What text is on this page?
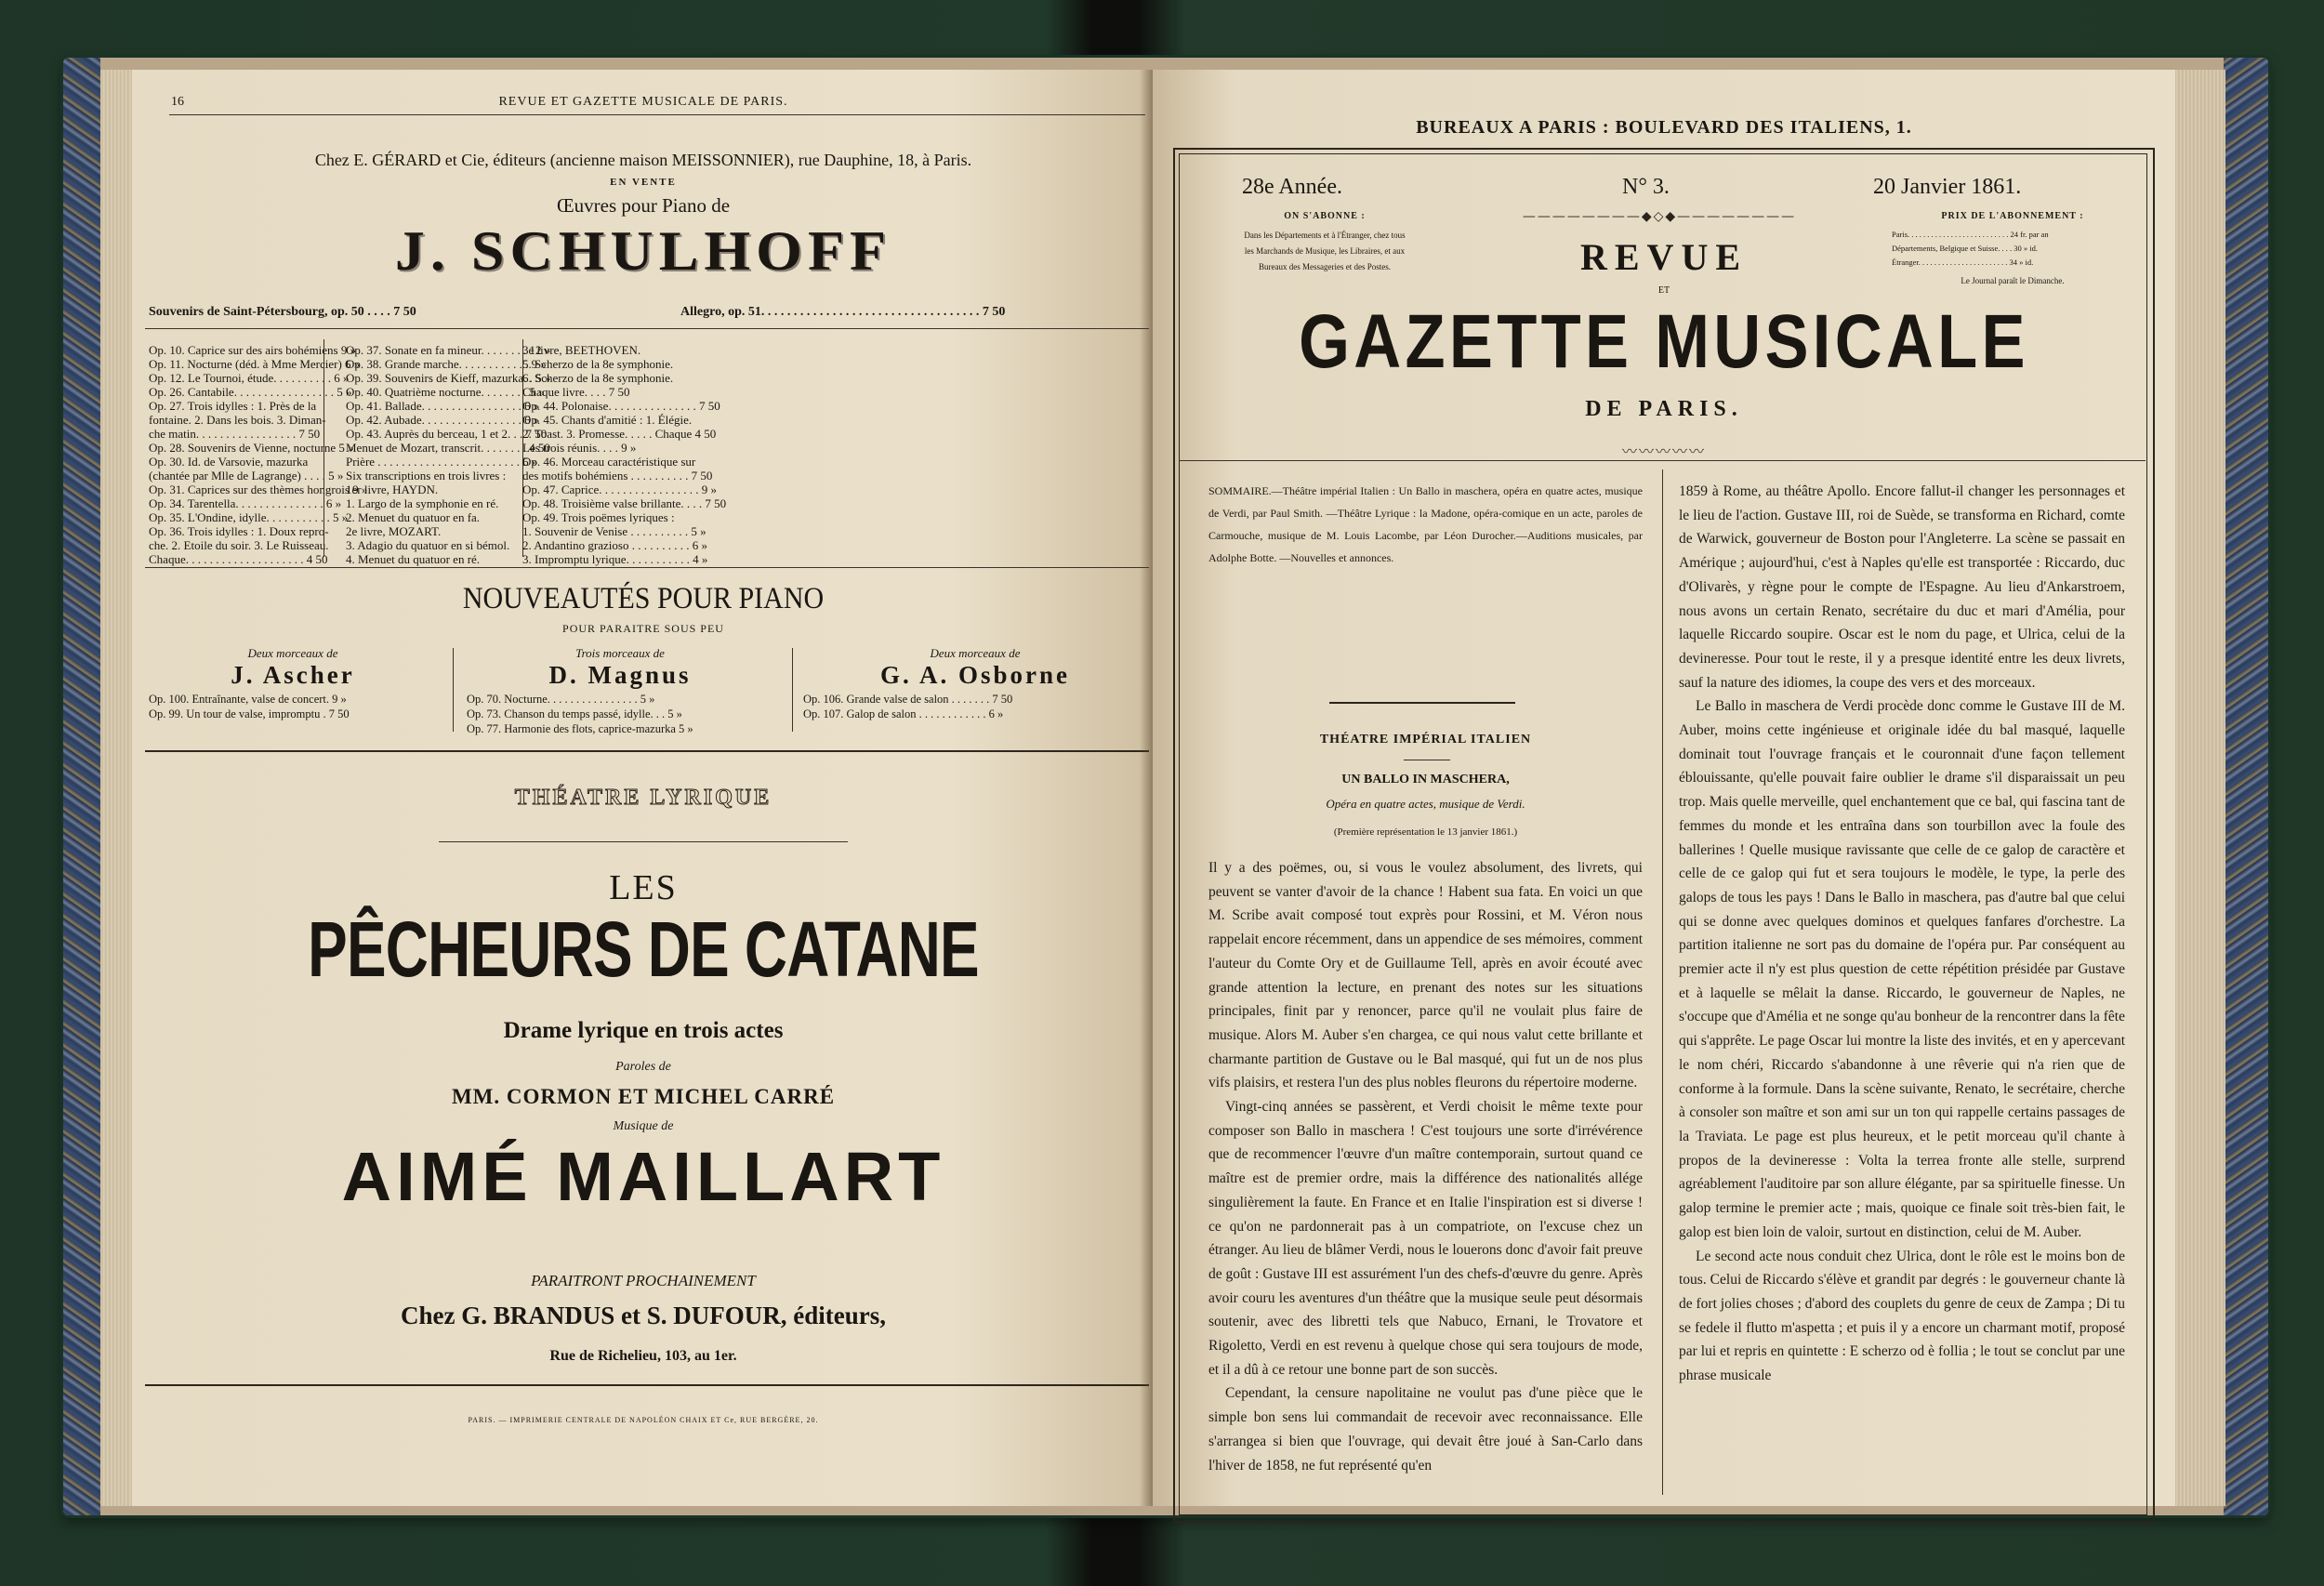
16	REVUE ET GAZETTE MUSICALE DE PARIS.
Chez E. GÉRARD et Cie, éditeurs (ancienne maison MEISSONNIER), rue Dauphine, 18, à Paris.
EN VENTE
Œuvres pour Piano de
J. SCHULHOFF
Souvenirs de Saint-Pétersbourg, op. 50 . . . . 7 50	Allegro, op. 51. . . . . . . . . . . . . . . . . . . . . . . . . . . . . . . . . . 7 50
Op. 10. Caprice sur des airs bohémiens 9 »
Op. 11. Nocturne (déd. à Mme Mercier) 6 »
Op. 12. Le Tournoi, étude. . . . . . . . . . 6 »
Op. 26. Cantabile. . . . . . . . . . . . . . . . . 5 »
Op. 27. Trois idylles : 1. Près de la
fontaine. 2. Dans les bois. 3. Diman-
che matin. . . . . . . . . . . . . . . . . 7 50
Op. 28. Souvenirs de Vienne, nocturne 5 »
Op. 30. Id. de Varsovie, mazurka
(chantée par Mlle de Lagrange) . . . . 5 »
Op. 31. Caprices sur des thèmes hongrois 9 »
Op. 34. Tarentella. . . . . . . . . . . . . . . 6 »
Op. 35. L'Ondine, idylle. . . . . . . . . . . 5 »
Op. 36. Trois idylles : 1. Doux repro-
che. 2. Etoile du soir. 3. Le Ruisseau.
Chaque. . . . . . . . . . . . . . . . . . . . 4 50
Op. 37. Sonate en fa mineur. . . . . . . . 12 »
Op. 38. Grande marche. . . . . . . . . . . . 9 »
Op. 39. Souvenirs de Kieff, mazurka. . 5 »
Op. 40. Quatrième nocturne. . . . . . . . 5 »
Op. 41. Ballade. . . . . . . . . . . . . . . . . 6 »
Op. 42. Aubade. . . . . . . . . . . . . . . . . 6 »
Op. 43. Auprès du berceau, 1 et 2. . . 7 50
Menuet de Mozart, transcrit. . . . . . . . 4 50
Prière . . . . . . . . . . . . . . . . . . . . . . . . 5 »
Six transcriptions en trois livres :
1er livre, HAYDN.
1. Largo de la symphonie en ré.
2. Menuet du quatuor en fa.
2e livre, MOZART.
3. Adagio du quatuor en si bémol.
4. Menuet du quatuor en ré.
3e livre, BEETHOVEN.
5. Scherzo de la 8e symphonie.
6. Scherzo de la 8e symphonie.
Chaque livre. . . . 7 50
Op. 44. Polonaise. . . . . . . . . . . . . . . 7 50
Op. 45. Chants d'amitié : 1. Élégie.
2. Toast. 3. Promesse. . . . . Chaque 4 50
Les trois réunis. . . . 9 »
Op. 46. Morceau caractéristique sur
des motifs bohémiens . . . . . . . . . . 7 50
Op. 47. Caprice. . . . . . . . . . . . . . . . . 9 »
Op. 48. Troisième valse brillante. . . . 7 50
Op. 49. Trois poëmes lyriques :
1. Souvenir de Venise . . . . . . . . . . 5 »
2. Andantino grazioso . . . . . . . . . . 6 »
3. Impromptu lyrique. . . . . . . . . . . 4 »
NOUVEAUTÉS POUR PIANO
POUR PARAITRE SOUS PEU
Deux morceaux de
J. Ascher
Op. 100. Entraînante, valse de concert. 9 »
Op. 99. Un tour de valse, impromptu . 7 50
Trois morceaux de
D. Magnus
Op. 70. Nocturne. . . . . . . . . . . . . . . . 5 »
Op. 73. Chanson du temps passé, idylle. . . 5 »
Op. 77. Harmonie des flots, caprice-mazurka 5 »
Deux morceaux de
G. A. Osborne
Op. 106. Grande valse de salon . . . . . . . 7 50
Op. 107. Galop de salon . . . . . . . . . . . . 6 »
THÉATRE LYRIQUE
LES
PÊCHEURS DE CATANE
Drame lyrique en trois actes
Paroles de
MM. CORMON ET MICHEL CARRÉ
Musique de
AIMÉ MAILLART
PARAITRONT PROCHAINEMENT
Chez G. BRANDUS et S. DUFOUR, éditeurs,
Rue de Richelieu, 103, au 1er.
PARIS. — IMPRIMERIE CENTRALE DE NAPOLÉON CHAIX ET Ce, RUE BERGÈRE, 20.
BUREAUX A PARIS : BOULEVARD DES ITALIENS, 1.
28e Année.	N° 3.	20 Janvier 1861.
ON S'ABONNE :
Dans les Départements et à l'Étranger, chez tous
les Marchands de Musique, les Libraires, et aux
Bureaux des Messageries et des Postes.
PRIX DE L'ABONNEMENT :
Paris. . . . . . . . . . . . . . . . . . . . . . . . . . 24 fr. par an
Départements, Belgique et Suisse. . . . 30 » id.
Étranger. . . . . . . . . . . . . . . . . . . . . . . 34 » id.
Le Journal paraît le Dimanche.
————————◆◇◆————————
REVUE
ET
GAZETTE MUSICALE
DE PARIS.
〰〰〰〰〰
SOMMAIRE.—Théâtre impérial Italien : Un Ballo in maschera, opéra en quatre actes, musique de Verdi, par Paul Smith. —Théâtre Lyrique : la Madone, opéra-comique en un acte, paroles de Carmouche, musique de M. Louis Lacombe, par Léon Durocher.—Auditions musicales, par Adolphe Botte. —Nouvelles et annonces.
THÉATRE IMPÉRIAL ITALIEN
UN BALLO IN MASCHERA,
Opéra en quatre actes, musique de Verdi.
(Première représentation le 13 janvier 1861.)

Il y a des poëmes, ou, si vous le voulez absolument, des livrets, qui peuvent se vanter d'avoir de la chance ! Habent sua fata. En voici un que M. Scribe avait composé tout exprès pour Rossini, et M. Véron nous rappelait encore récemment, dans un appendice de ses mémoires, comment l'auteur du Comte Ory et de Guillaume Tell, après en avoir écouté avec grande attention la lecture, en prenant des notes sur les situations principales, finit par y renoncer, parce qu'il ne voulait plus faire de musique. Alors M. Auber s'en chargea, ce qui nous valut cette brillante et charmante partition de Gustave ou le Bal masqué, qui fut un de nos plus vifs plaisirs, et restera l'un des plus nobles fleurons du répertoire moderne.

Vingt-cinq années se passèrent, et Verdi choisit le même texte pour composer son Ballo in maschera ! C'est toujours une sorte d'irrévérence que de recommencer l'œuvre d'un maître contemporain, surtout quand ce maître est de premier ordre, mais la différence des nationalités allége singulièrement la faute. En France et en Italie l'inspiration est si diverse ! ce qu'on ne pardonnerait pas à un compatriote, on l'excuse chez un étranger. Au lieu de blâmer Verdi, nous le louerons donc d'avoir fait preuve de goût : Gustave III est assurément l'un des chefs-d'œuvre du genre. Après avoir couru les aventures d'un théâtre que la musique seule peut désormais soutenir, avec des libretti tels que Nabuco, Ernani, le Trovatore et Rigoletto, Verdi en est revenu à quelque chose qui sera toujours de mode, et il a dû à ce retour une bonne part de son succès.

Cependant, la censure napolitaine ne voulut pas d'une pièce que le simple bon sens lui commandait de recevoir avec reconnaissance. Elle s'arrangea si bien que l'ouvrage, qui devait être joué à San-Carlo dans l'hiver de 1858, ne fut représenté qu'en

1859 à Rome, au théâtre Apollo. Encore fallut-il changer les personnages et le lieu de l'action. Gustave III, roi de Suède, se transforma en Richard, comte de Warwick, gouverneur de Boston pour l'Angleterre. La scène se passait en Amérique ; aujourd'hui, c'est à Naples qu'elle est transportée : Riccardo, duc d'Olivarès, y règne pour le compte de l'Espagne. Au lieu d'Ankarstroem, nous avons un certain Renato, secrétaire du duc et mari d'Amélia, pour laquelle Riccardo soupire. Oscar est le nom du page, et Ulrica, celui de la devineresse. Pour tout le reste, il y a presque identité entre les deux livrets, sauf la nature des idiomes, la coupe des vers et des morceaux.

Le Ballo in maschera de Verdi procède donc comme le Gustave III de M. Auber, moins cette ingénieuse et originale idée du bal masqué, laquelle dominait tout l'ouvrage français et le couronnait d'une façon tellement éblouissante, qu'elle pouvait faire oublier le drame s'il disparaissait un peu trop. Mais quelle merveille, quel enchantement que ce bal, qui fascina tant de femmes du monde et les entraîna dans son tourbillon avec la foule des ballerines ! Quelle musique ravissante que celle de ce galop de caractère et celle de ce galop qui fut et sera toujours le modèle, le type, la perle des galops de tous les pays ! Dans le Ballo in maschera, pas d'autre bal que celui qui se donne avec quelques dominos et quelques fanfares d'orchestre. La partition italienne ne sort pas du domaine de l'opéra pur. Par conséquent au premier acte il n'y est plus question de cette répétition présidée par Gustave et à laquelle se mêlait la danse. Riccardo, le gouverneur de Naples, ne s'occupe que d'Amélia et ne songe qu'au bonheur de la rencontrer dans la fête qui s'apprête. Le page Oscar lui montre la liste des invités, et en y apercevant le nom chéri, Riccardo s'abandonne à une rêverie qui n'a rien que de conforme à la formule. Dans la scène suivante, Renato, le secrétaire, cherche à consoler son maître et son ami sur un ton qui rappelle certains passages de la Traviata. Le page est plus heureux, et le petit morceau qu'il chante à propos de la devineresse : Volta la terrea fronte alle stelle, surprend agréablement l'auditoire par son allure élégante, par sa spirituelle finesse. Un galop termine le premier acte ; mais, quoique ce finale soit très-bien fait, le galop est bien loin de valoir, surtout en distinction, celui de M. Auber.

Le second acte nous conduit chez Ulrica, dont le rôle est le moins bon de tous. Celui de Riccardo s'élève et grandit par degrés : le gouverneur chante là de fort jolies choses ; d'abord des couplets du genre de ceux de Zampa ; Di tu se fedele il flutto m'aspetta ; et puis il y a encore un charmant motif, proposé par lui et repris en quintette : E scherzo od è follia ; le tout se conclut par une phrase musicale
